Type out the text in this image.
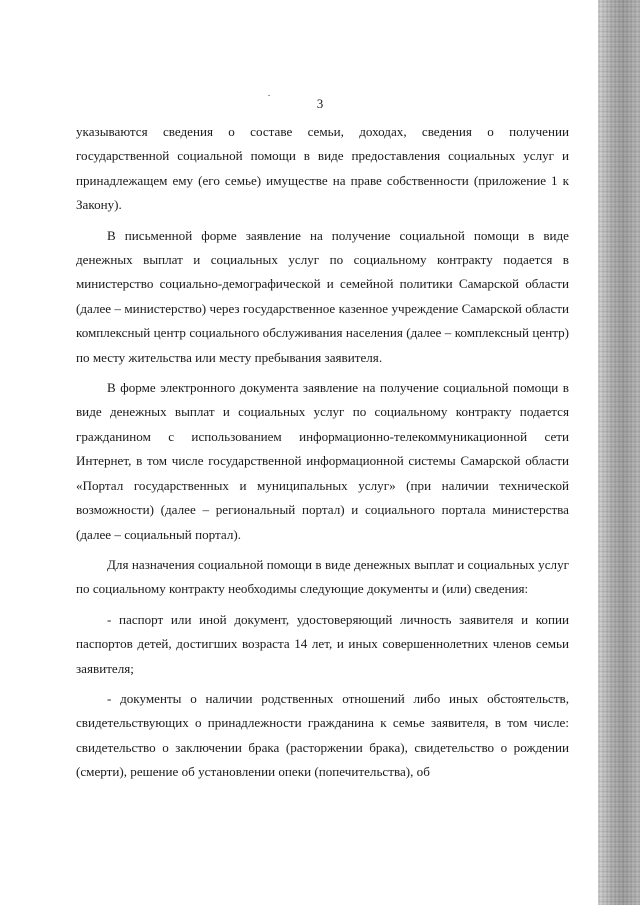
3

указываются сведения о составе семьи, доходах, сведения о получении государственной социальной помощи в виде предоставления социальных услуг и принадлежащем ему (его семье) имуществе на праве собственности (приложение 1 к Закону).

В письменной форме заявление на получение социальной помощи в виде денежных выплат и социальных услуг по социальному контракту подается в министерство социально-демографической и семейной политики Самарской области (далее – министерство) через государственное казенное учреждение Самарской области комплексный центр социального обслуживания населения (далее – комплексный центр) по месту жительства или месту пребывания заявителя.

В форме электронного документа заявление на получение социальной помощи в виде денежных выплат и социальных услуг по социальному контракту подается гражданином с использованием информационно-телекоммуникационной сети Интернет, в том числе государственной информационной системы Самарской области «Портал государственных и муниципальных услуг» (при наличии технической возможности) (далее – региональный портал) и социального портала министерства (далее – социальный портал).

Для назначения социальной помощи в виде денежных выплат и социальных услуг по социальному контракту необходимы следующие документы и (или) сведения:

- паспорт или иной документ, удостоверяющий личность заявителя и копии паспортов детей, достигших возраста 14 лет, и иных совершеннолетних членов семьи заявителя;

- документы о наличии родственных отношений либо иных обстоятельств, свидетельствующих о принадлежности гражданина к семье заявителя, в том числе: свидетельство о заключении брака (расторжении брака), свидетельство о рождении (смерти), решение об установлении опеки (попечительства), об
